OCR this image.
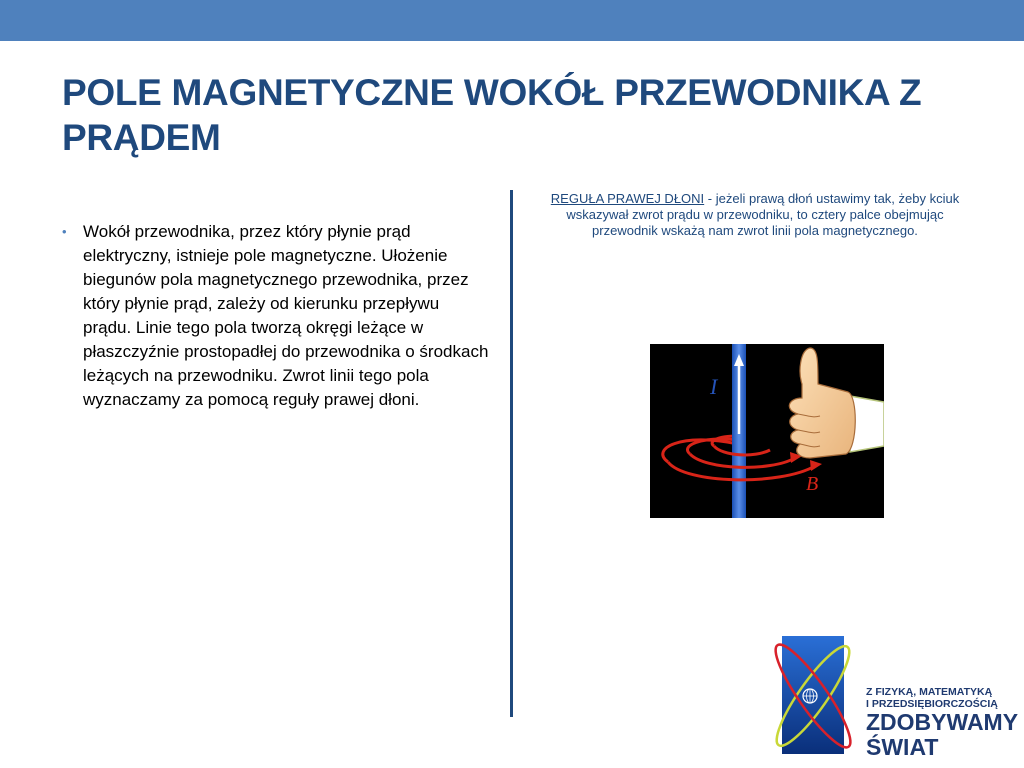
POLE MAGNETYCZNE WOKÓŁ PRZEWODNIKA Z PRĄDEM
• Wokół przewodnika, przez który płynie prąd elektryczny, istnieje pole magnetyczne. Ułożenie biegunów pola magnetycznego przewodnika, przez który płynie prąd, zależy od kierunku przepływu prądu. Linie tego pola tworzą okręgi leżące w płaszczyźnie prostopadłej do przewodnika o środkach leżących na przewodniku. Zwrot linii tego pola wyznaczamy za pomocą reguły prawej dłoni.
REGUŁA PRAWEJ DŁONI - jeżeli prawą dłoń ustawimy tak, żeby kciuk wskazywał zwrot prądu w przewodniku, to cztery palce obejmując przewodnik wskażą nam zwrot linii pola magnetycznego.
I
B
Z FIZYKĄ, MATEMATYKĄ
I PRZEDSIĘBIORCZOŚCIĄ
ZDOBYWAMY
ŚWIAT
